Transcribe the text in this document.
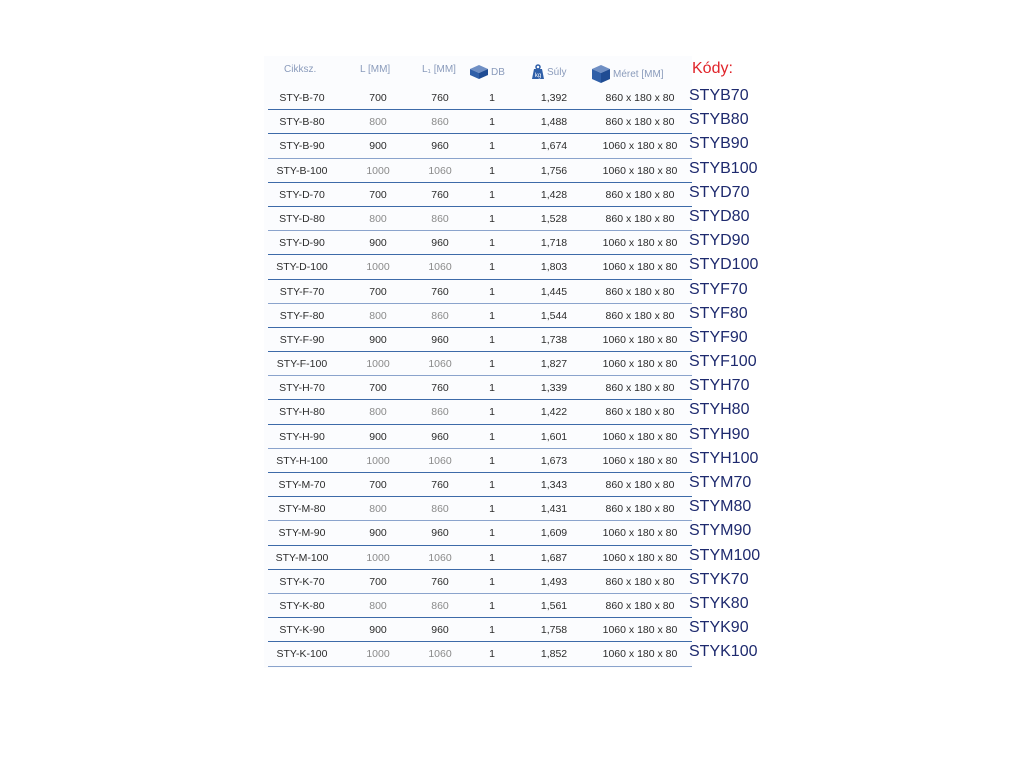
Cikksz.	L [MM]	L₁ [MM]	DB	kg Súly	Méret [MM] Kódy:
STY-B-70	700	760	1	1,392	860 x 180 x 80 STYB70
STY-B-80	800	860	1	1,488	860 x 180 x 80 STYB80
STY-B-90	900	960	1	1,674	1060 x 180 x 80 STYB90
STY-B-100	1000	1060	1	1,756	1060 x 180 x 80 STYB100
STY-D-70	700	760	1	1,428	860 x 180 x 80 STYD70
STY-D-80	800	860	1	1,528	860 x 180 x 80 STYD80
STY-D-90	900	960	1	1,718	1060 x 180 x 80 STYD90
STY-D-100	1000	1060	1	1,803	1060 x 180 x 80 STYD100
STY-F-70	700	760	1	1,445	860 x 180 x 80 STYF70
STY-F-80	800	860	1	1,544	860 x 180 x 80 STYF80
STY-F-90	900	960	1	1,738	1060 x 180 x 80 STYF90
STY-F-100	1000	1060	1	1,827	1060 x 180 x 80 STYF100
STY-H-70	700	760	1	1,339	860 x 180 x 80 STYH70
STY-H-80	800	860	1	1,422	860 x 180 x 80 STYH80
STY-H-90	900	960	1	1,601	1060 x 180 x 80 STYH90
STY-H-100	1000	1060	1	1,673	1060 x 180 x 80 STYH100
STY-M-70	700	760	1	1,343	860 x 180 x 80 STYM70
STY-M-80	800	860	1	1,431	860 x 180 x 80 STYM80
STY-M-90	900	960	1	1,609	1060 x 180 x 80 STYM90
STY-M-100	1000	1060	1	1,687	1060 x 180 x 80 STYM100
STY-K-70	700	760	1	1,493	860 x 180 x 80 STYK70
STY-K-80	800	860	1	1,561	860 x 180 x 80 STYK80
STY-K-90	900	960	1	1,758	1060 x 180 x 80 STYK90
STY-K-100	1000	1060	1	1,852	1060 x 180 x 80 STYK100
